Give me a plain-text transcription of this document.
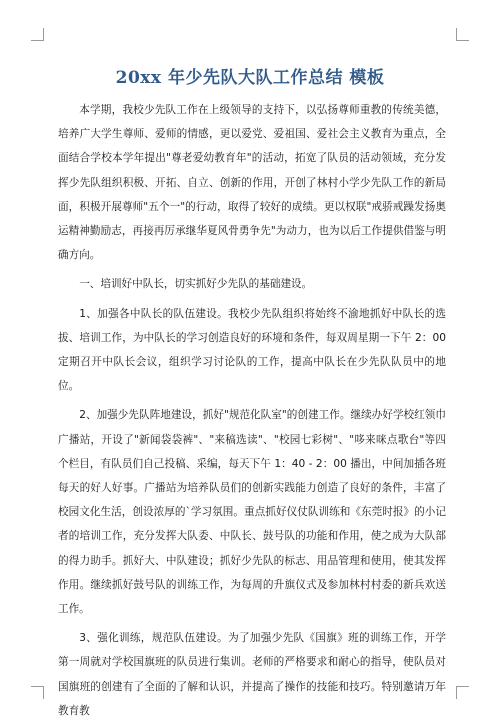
20xx 年少先队大队工作总结 模板

本学期，我校少先队工作在上级领导的支持下，以弘扬尊师重教的传统美德，培养广大学生尊师、爱师的情感，更以爱党、爱祖国、爱社会主义教育为重点，全面结合学校本学年提出"尊老爱幼教育年"的活动，拓宽了队员的活动领域，充分发挥少先队组织积极、开拓、自立、创新的作用，开创了林村小学少先队工作的新局面，积极开展尊师"五个一"的行动，取得了较好的成绩。更以权联"戒骄戒躁发扬奥运精神勤励志，再接再厉承继华夏风骨勇争先"为动力，也为以后工作提供借鉴与明确方向。

一、培训好中队长，切实抓好少先队的基础建设。

1、加强各中队长的队伍建设。我校少先队组织将始终不渝地抓好中队长的选拔、培训工作，为中队长的学习创造良好的环境和条件，每双周星期一下午 2：00 定期召开中队长会议，组织学习讨论队的工作，提高中队长在少先队队员中的地位。

2、加强少先队阵地建设，抓好"规范化队室"的创建工作。继续办好学校红领巾广播站，开设了"新闻袋袋裤"、"来稿选读"、"校园七彩树"、"哆来咪点歌台"等四个栏目，有队员们自己投稿、采编，每天下午 1：40 - 2：00 播出，中间加插各班每天的好人好事。广播站为培养队员们的创新实践能力创造了良好的条件，丰富了校园文化生活，创设浓厚的`学习氛围。重点抓好仪仗队训练和《东莞时报》的小记者的培训工作，充分发挥大队委、中队长、鼓号队的功能和作用，使之成为大队部的得力助手。抓好大、中队建设；抓好少先队的标志、用品管理和使用，使其发挥作用。继续抓好鼓号队的训练工作，为每周的升旗仪式及参加林村村委的新兵欢送工作。

3、强化训练，规范队伍建设。为了加强少先队《国旗》班的训练工作，开学第一周就对学校国旗班的队员进行集训。老师的严格要求和耐心的指导，使队员对国旗班的创建有了全面的了解和认识，并提高了操作的技能和技巧。特别邀请万年教育教
